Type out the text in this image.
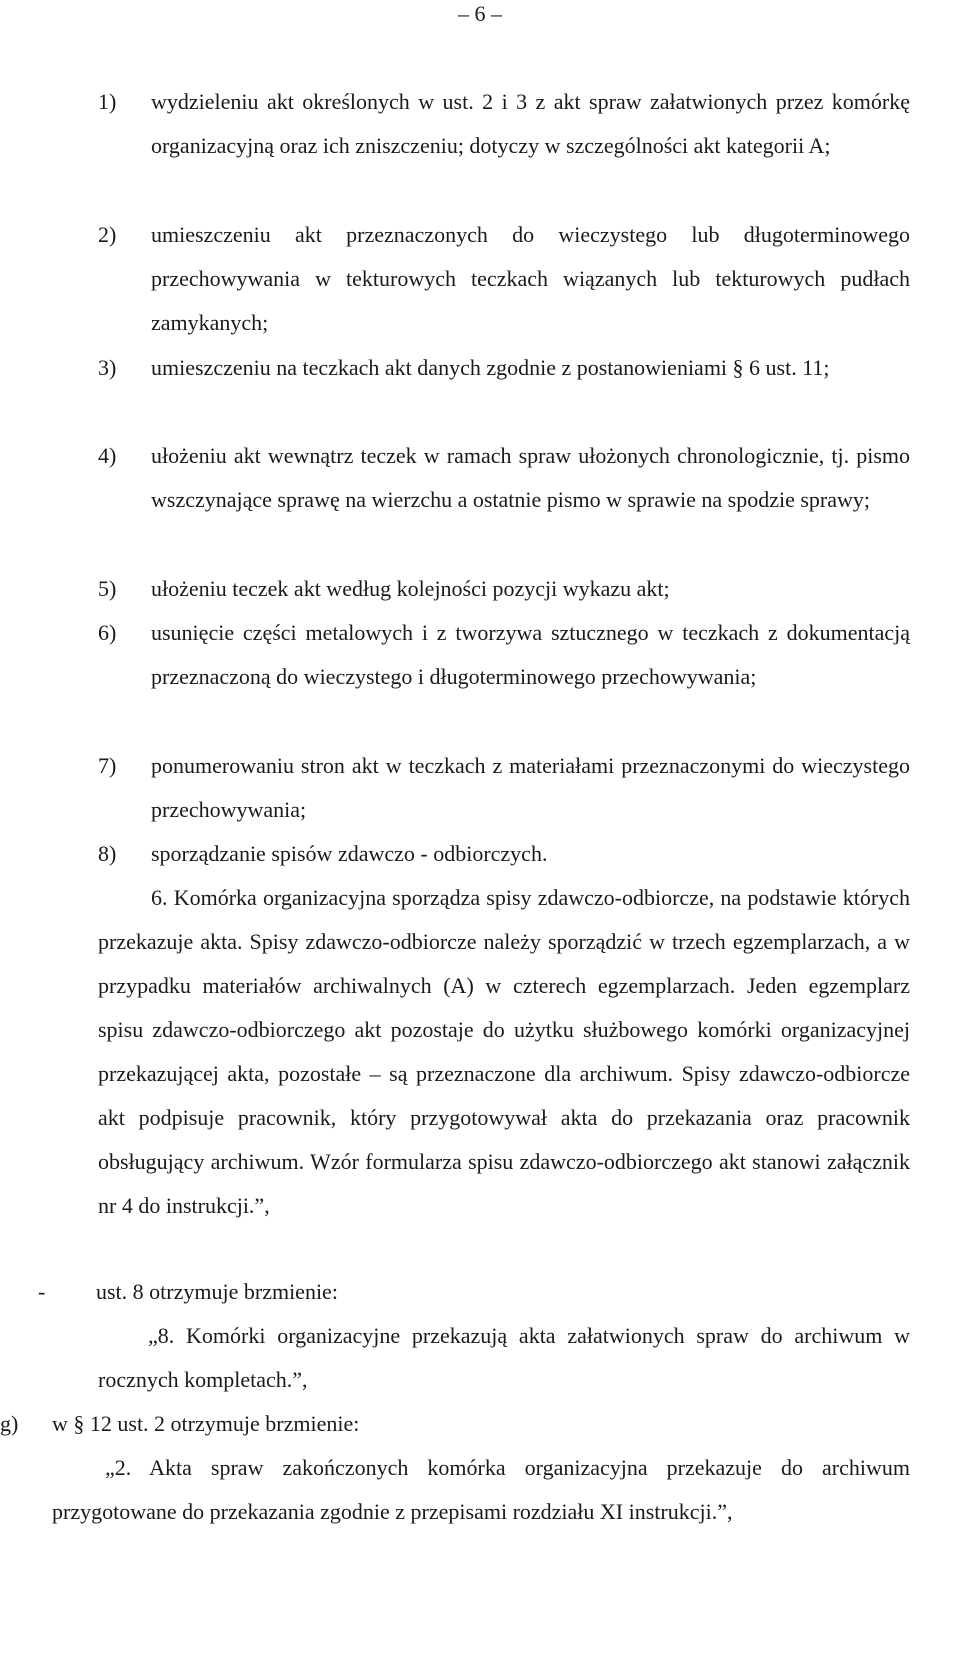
– 6 –
1) wydzieleniu akt określonych w ust. 2 i 3 z akt spraw załatwionych przez komórkę organizacyjną oraz ich zniszczeniu; dotyczy w szczególności akt kategorii A;
2) umieszczeniu akt przeznaczonych do wieczystego lub długoterminowego przechowywania w tekturowych teczkach wiązanych lub tekturowych pudłach zamykanych;
3) umieszczeniu na teczkach akt danych zgodnie z postanowieniami § 6 ust. 11;
4) ułożeniu akt wewnątrz teczek w ramach spraw ułożonych chronologicznie, tj. pismo wszczynające sprawę na wierzchu a ostatnie pismo w sprawie na spodzie sprawy;
5) ułożeniu teczek akt według kolejności pozycji wykazu akt;
6) usunięcie części metalowych i z tworzywa sztucznego w teczkach z dokumentacją przeznaczoną do wieczystego i długoterminowego przechowywania;
7) ponumerowaniu stron akt w teczkach z materiałami przeznaczonymi do wieczystego przechowywania;
8) sporządzanie spisów zdawczo - odbiorczych.
6. Komórka organizacyjna sporządza spisy zdawczo-odbiorcze, na podstawie których przekazuje akta. Spisy zdawczo-odbiorcze należy sporządzić w trzech egzemplarzach, a w przypadku materiałów archiwalnych (A) w czterech egzemplarzach. Jeden egzemplarz spisu zdawczo-odbiorczego akt pozostaje do użytku służbowego komórki organizacyjnej przekazującej akta, pozostałe – są przeznaczone dla archiwum. Spisy zdawczo-odbiorcze akt podpisuje pracownik, który przygotowywał akta do przekazania oraz pracownik obsługujący archiwum. Wzór formularza spisu zdawczo-odbiorczego akt stanowi załącznik nr 4 do instrukcji.”,
- ust. 8 otrzymuje brzmienie:
„8. Komórki organizacyjne przekazują akta załatwionych spraw do archiwum w rocznych kompletach.”,
g) w § 12 ust. 2 otrzymuje brzmienie:
„2. Akta spraw zakończonych komórka organizacyjna przekazuje do archiwum przygotowane do przekazania zgodnie z przepisami rozdziału XI instrukcji.”,
